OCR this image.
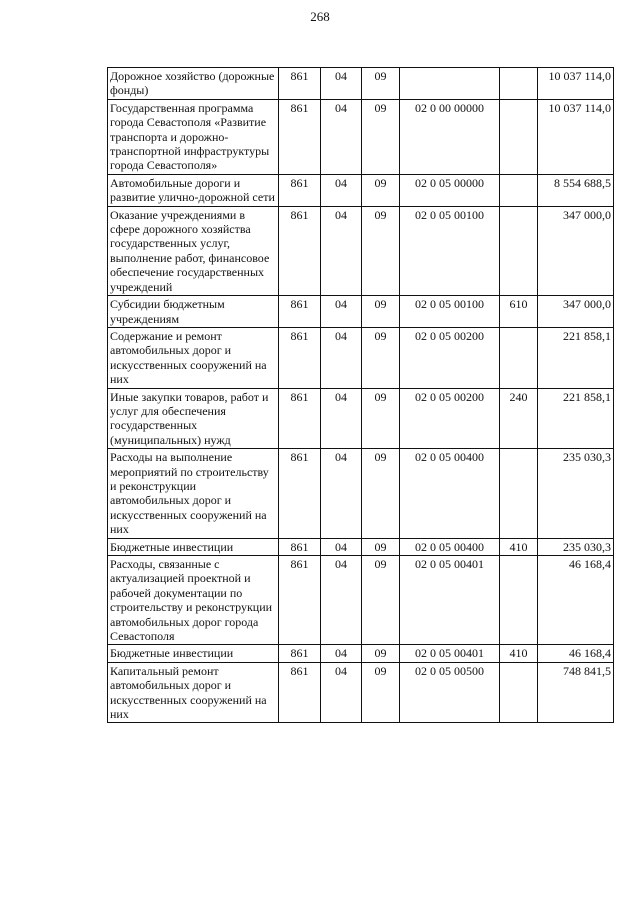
268
Дорожное хозяйство (дорожные фонды)	861	04	09			10 037 114,0
Государственная программа города Севастополя «Развитие транспорта и дорожно-транспортной инфраструктуры города Севастополя»	861	04	09	02 0 00 00000		10 037 114,0
Автомобильные дороги и развитие улично-дорожной сети	861	04	09	02 0 05 00000		8 554 688,5
Оказание учреждениями в сфере дорожного хозяйства государственных услуг, выполнение работ, финансовое обеспечение государственных учреждений	861	04	09	02 0 05 00100		347 000,0
Субсидии бюджетным учреждениям	861	04	09	02 0 05 00100	610	347 000,0
Содержание и ремонт автомобильных дорог и искусственных сооружений на них	861	04	09	02 0 05 00200		221 858,1
Иные закупки товаров, работ и услуг для обеспечения государственных (муниципальных) нужд	861	04	09	02 0 05 00200	240	221 858,1
Расходы на выполнение мероприятий по строительству и реконструкции автомобильных дорог и искусственных сооружений на них	861	04	09	02 0 05 00400		235 030,3
Бюджетные инвестиции	861	04	09	02 0 05 00400	410	235 030,3
Расходы, связанные с актуализацией проектной и рабочей документации по строительству и реконструкции автомобильных дорог города Севастополя	861	04	09	02 0 05 00401		46 168,4
Бюджетные инвестиции	861	04	09	02 0 05 00401	410	46 168,4
Капитальный ремонт автомобильных дорог и искусственных сооружений на них	861	04	09	02 0 05 00500		748 841,5
